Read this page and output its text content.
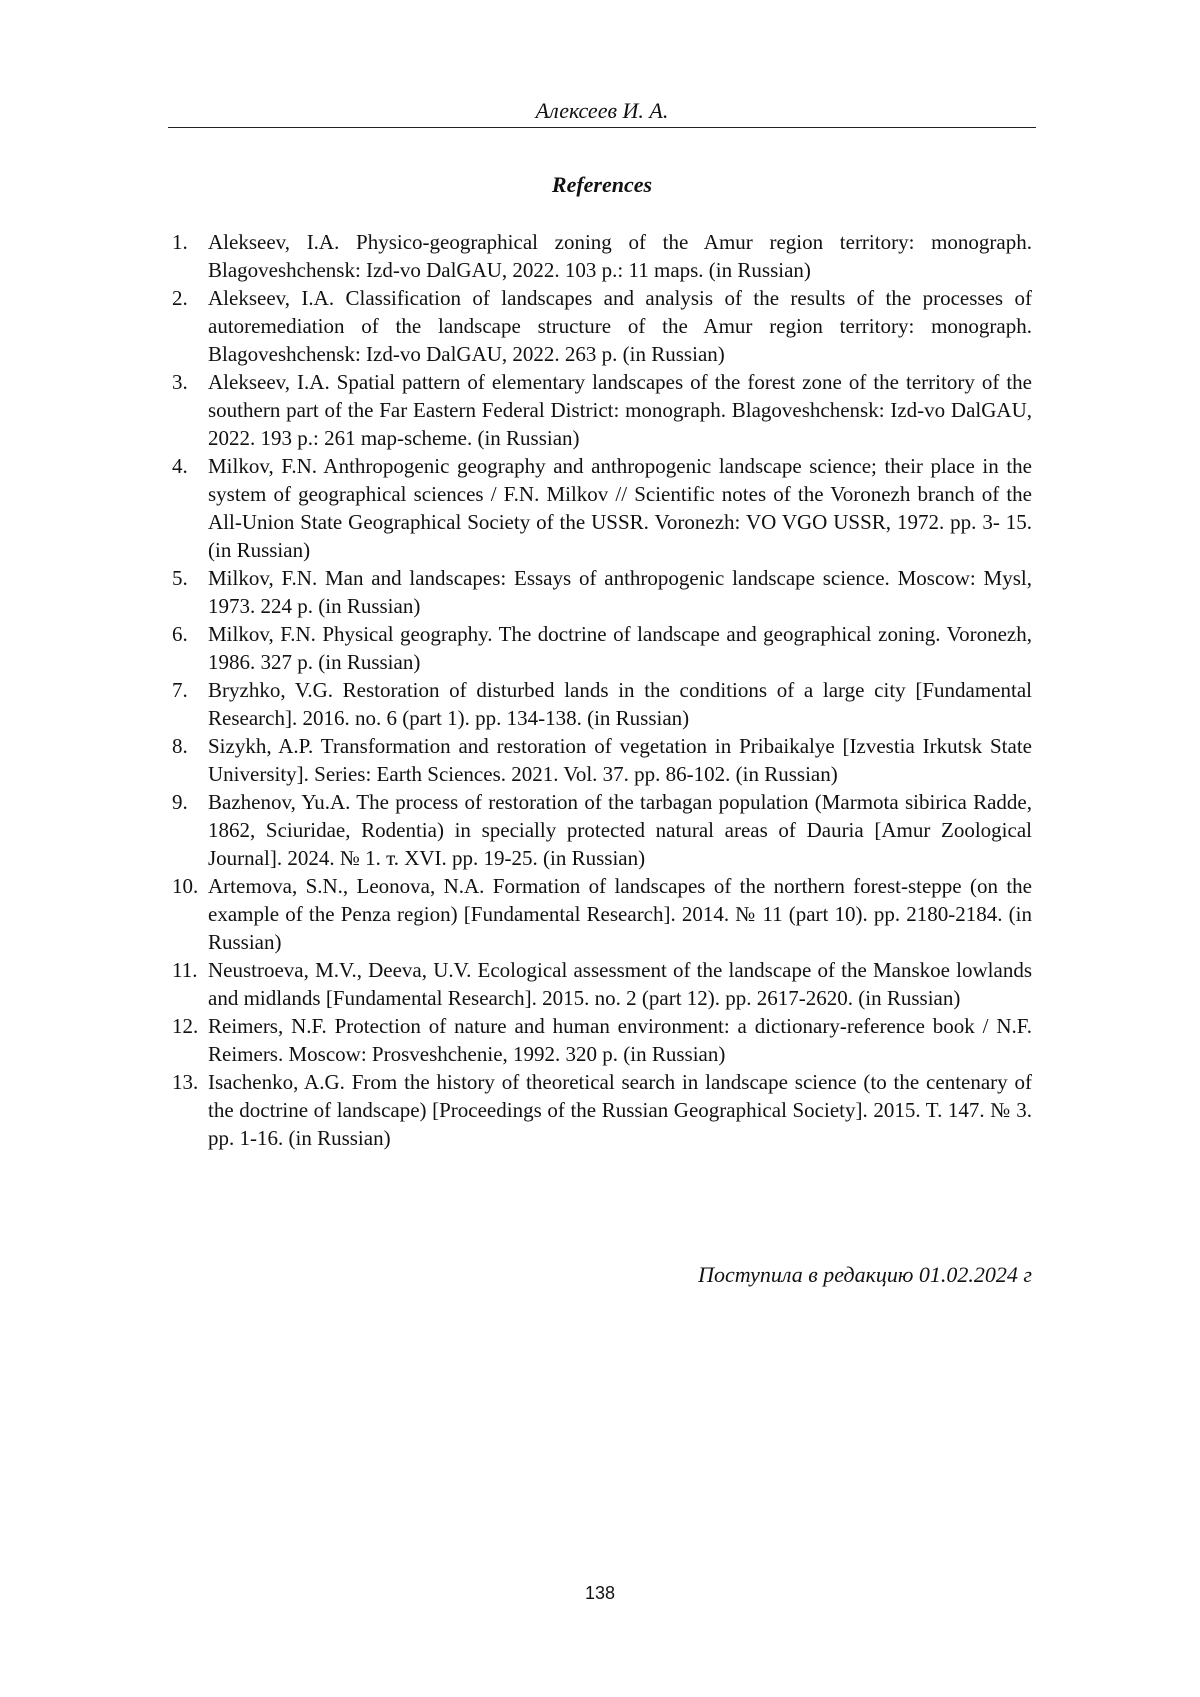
Алексеев И. А.
References
1. Alekseev, I.A. Physico-geographical zoning of the Amur region territory: monograph. Blagoveshchensk: Izd-vo DalGAU, 2022. 103 p.: 11 maps. (in Russian)
2. Alekseev, I.A. Classification of landscapes and analysis of the results of the processes of autoremediation of the landscape structure of the Amur region territory: monograph. Blagoveshchensk: Izd-vo DalGAU, 2022. 263 p. (in Russian)
3. Alekseev, I.A. Spatial pattern of elementary landscapes of the forest zone of the territory of the southern part of the Far Eastern Federal District: monograph. Blagoveshchensk: Izd-vo DalGAU, 2022. 193 p.: 261 map-scheme. (in Russian)
4. Milkov, F.N. Anthropogenic geography and anthropogenic landscape science; their place in the system of geographical sciences / F.N. Milkov // Scientific notes of the Voronezh branch of the All-Union State Geographical Society of the USSR. Voronezh: VO VGO USSR, 1972. pp. 3- 15. (in Russian)
5. Milkov, F.N. Man and landscapes: Essays of anthropogenic landscape science. Moscow: Mysl, 1973. 224 p. (in Russian)
6. Milkov, F.N. Physical geography. The doctrine of landscape and geographical zoning. Voronezh, 1986. 327 p. (in Russian)
7. Bryzhko, V.G. Restoration of disturbed lands in the conditions of a large city [Fundamental Research]. 2016. no. 6 (part 1). pp. 134-138. (in Russian)
8. Sizykh, A.P. Transformation and restoration of vegetation in Pribaikalye [Izvestia Irkutsk State University]. Series: Earth Sciences. 2021. Vol. 37. pp. 86-102. (in Russian)
9. Bazhenov, Yu.A. The process of restoration of the tarbagan population (Marmota sibirica Radde, 1862, Sciuridae, Rodentia) in specially protected natural areas of Dauria [Amur Zoological Journal]. 2024. № 1. т. XVI. pp. 19-25. (in Russian)
10. Artemova, S.N., Leonova, N.A. Formation of landscapes of the northern forest-steppe (on the example of the Penza region) [Fundamental Research]. 2014. № 11 (part 10). pp. 2180-2184. (in Russian)
11. Neustroeva, M.V., Deeva, U.V. Ecological assessment of the landscape of the Manskoe lowlands and midlands [Fundamental Research]. 2015. no. 2 (part 12). pp. 2617-2620. (in Russian)
12. Reimers, N.F. Protection of nature and human environment: a dictionary-reference book / N.F. Reimers. Moscow: Prosveshchenie, 1992. 320 p. (in Russian)
13. Isachenko, A.G. From the history of theoretical search in landscape science (to the centenary of the doctrine of landscape) [Proceedings of the Russian Geographical Society]. 2015. T. 147. № 3. pp. 1-16. (in Russian)
Поступила в редакцию 01.02.2024 г
138
